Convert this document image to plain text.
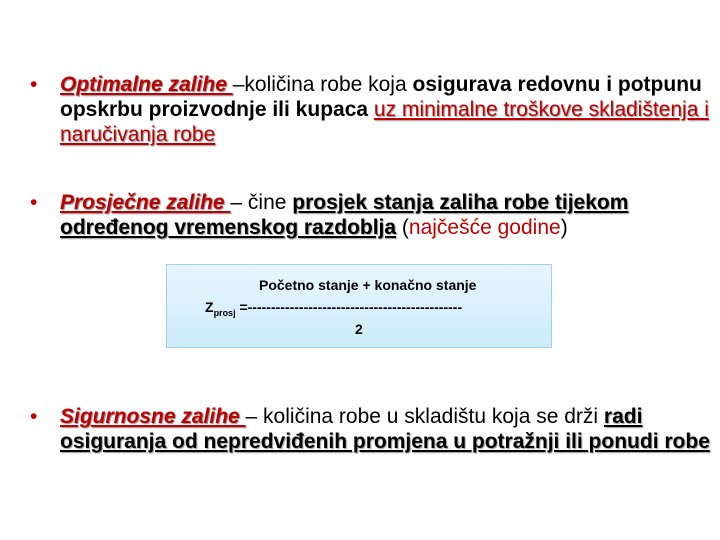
• Optimalne zalihe –količina robe koja osigurava redovnu i potpunu opskrbu proizvodnje ili kupaca uz minimalne troškove skladištenja i naručivanja robe
• Prosječne zalihe – čine prosjek stanja zaliha robe tijekom određenog vremenskog razdoblja (najčešće godine)
Početno stanje + konačno stanje
$Z_{prosj}$ =----------------------------------------------
2
• Sigurnosne zalihe – količina robe u skladištu koja se drži radi osiguranja od nepredviđenih promjena u potražnji ili ponudi robe
